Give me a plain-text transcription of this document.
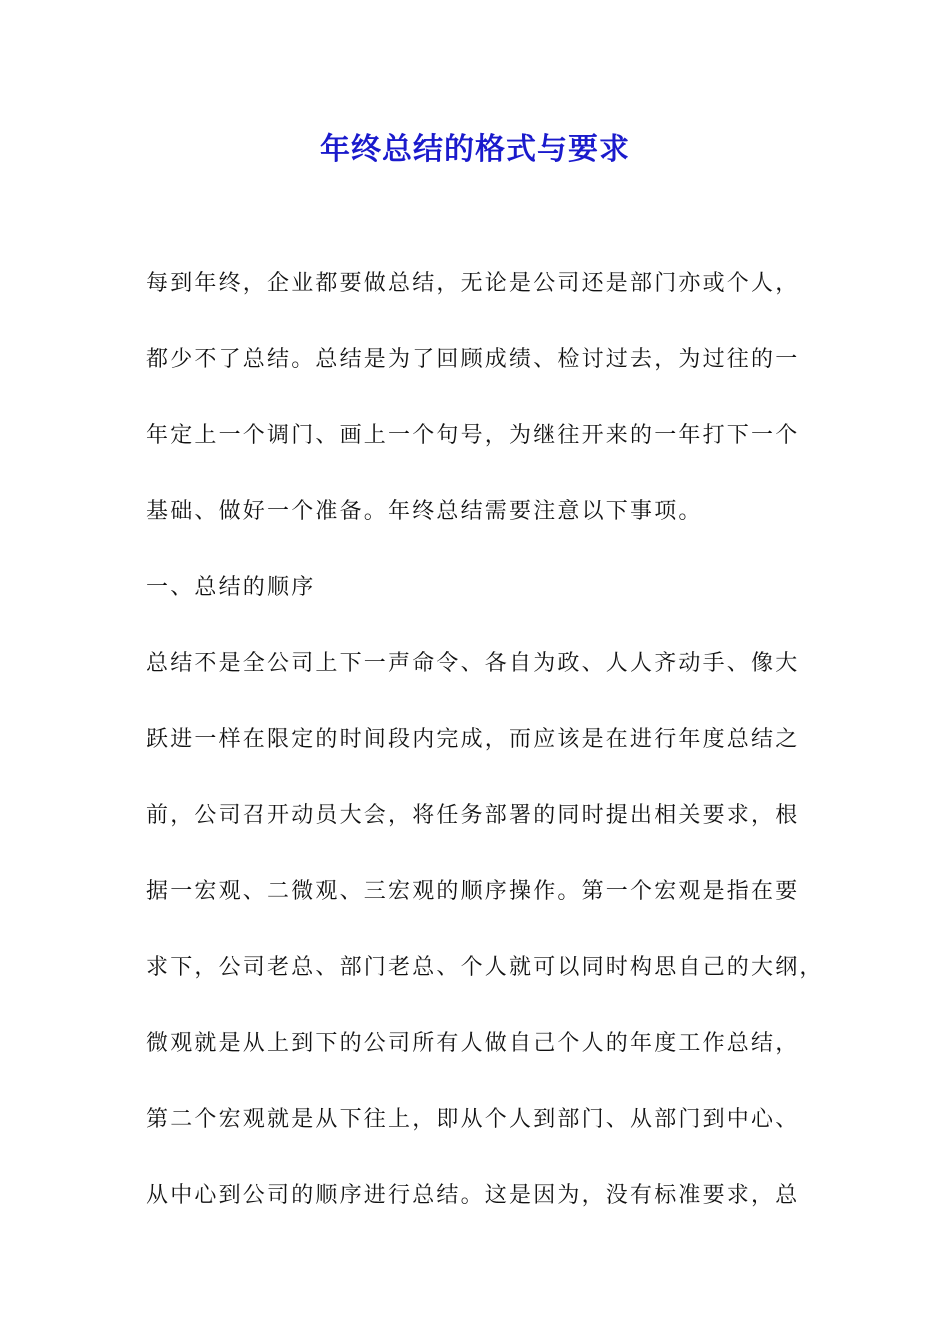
年终总结的格式与要求
每到年终，企业都要做总结，无论是公司还是部门亦或个人，
都少不了总结。总结是为了回顾成绩、检讨过去，为过往的一
年定上一个调门、画上一个句号，为继往开来的一年打下一个
基础、做好一个准备。年终总结需要注意以下事项。
一、总结的顺序
总结不是全公司上下一声命令、各自为政、人人齐动手、像大
跃进一样在限定的时间段内完成，而应该是在进行年度总结之
前，公司召开动员大会，将任务部署的同时提出相关要求，根
据一宏观、二微观、三宏观的顺序操作。第一个宏观是指在要
求下，公司老总、部门老总、个人就可以同时构思自己的大纲，
微观就是从上到下的公司所有人做自己个人的年度工作总结，
第二个宏观就是从下往上，即从个人到部门、从部门到中心、
从中心到公司的顺序进行总结。这是因为，没有标准要求，总
